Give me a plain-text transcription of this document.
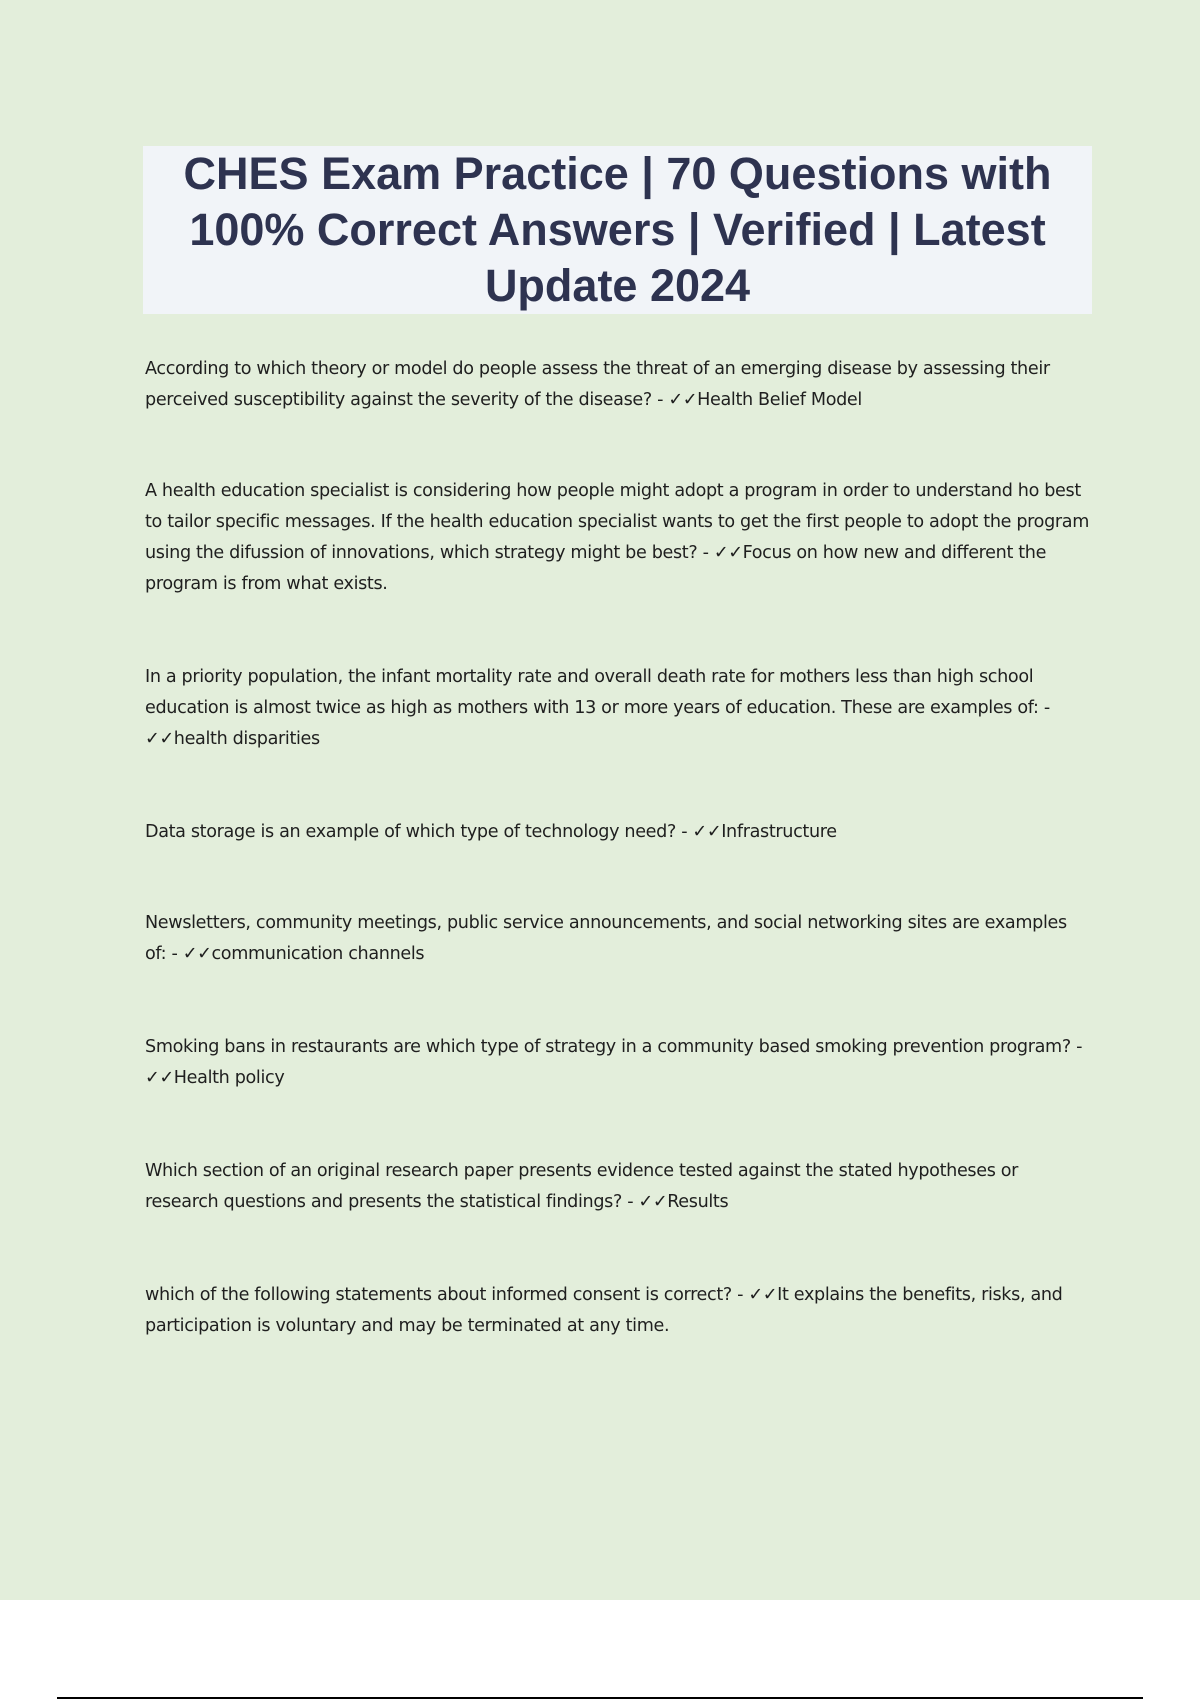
CHES Exam Practice | 70 Questions with 100% Correct Answers | Verified | Latest Update 2024

According to which theory or model do people assess the threat of an emerging disease by assessing their perceived susceptibility against the severity of the disease? - ✓✓Health Belief Model

A health education specialist is considering how people might adopt a program in order to understand ho best to tailor specific messages. If the health education specialist wants to get the first people to adopt the program using the difussion of innovations, which strategy might be best? - ✓✓Focus on how new and different the program is from what exists.

In a priority population, the infant mortality rate and overall death rate for mothers less than high school education is almost twice as high as mothers with 13 or more years of education. These are examples of: - ✓✓health disparities

Data storage is an example of which type of technology need? - ✓✓Infrastructure

Newsletters, community meetings, public service announcements, and social networking sites are examples of: - ✓✓communication channels

Smoking bans in restaurants are which type of strategy in a community based smoking prevention program? - ✓✓Health policy

Which section of an original research paper presents evidence tested against the stated hypotheses or research questions and presents the statistical findings? - ✓✓Results

which of the following statements about informed consent is correct? - ✓✓It explains the benefits, risks, and participation is voluntary and may be terminated at any time.
